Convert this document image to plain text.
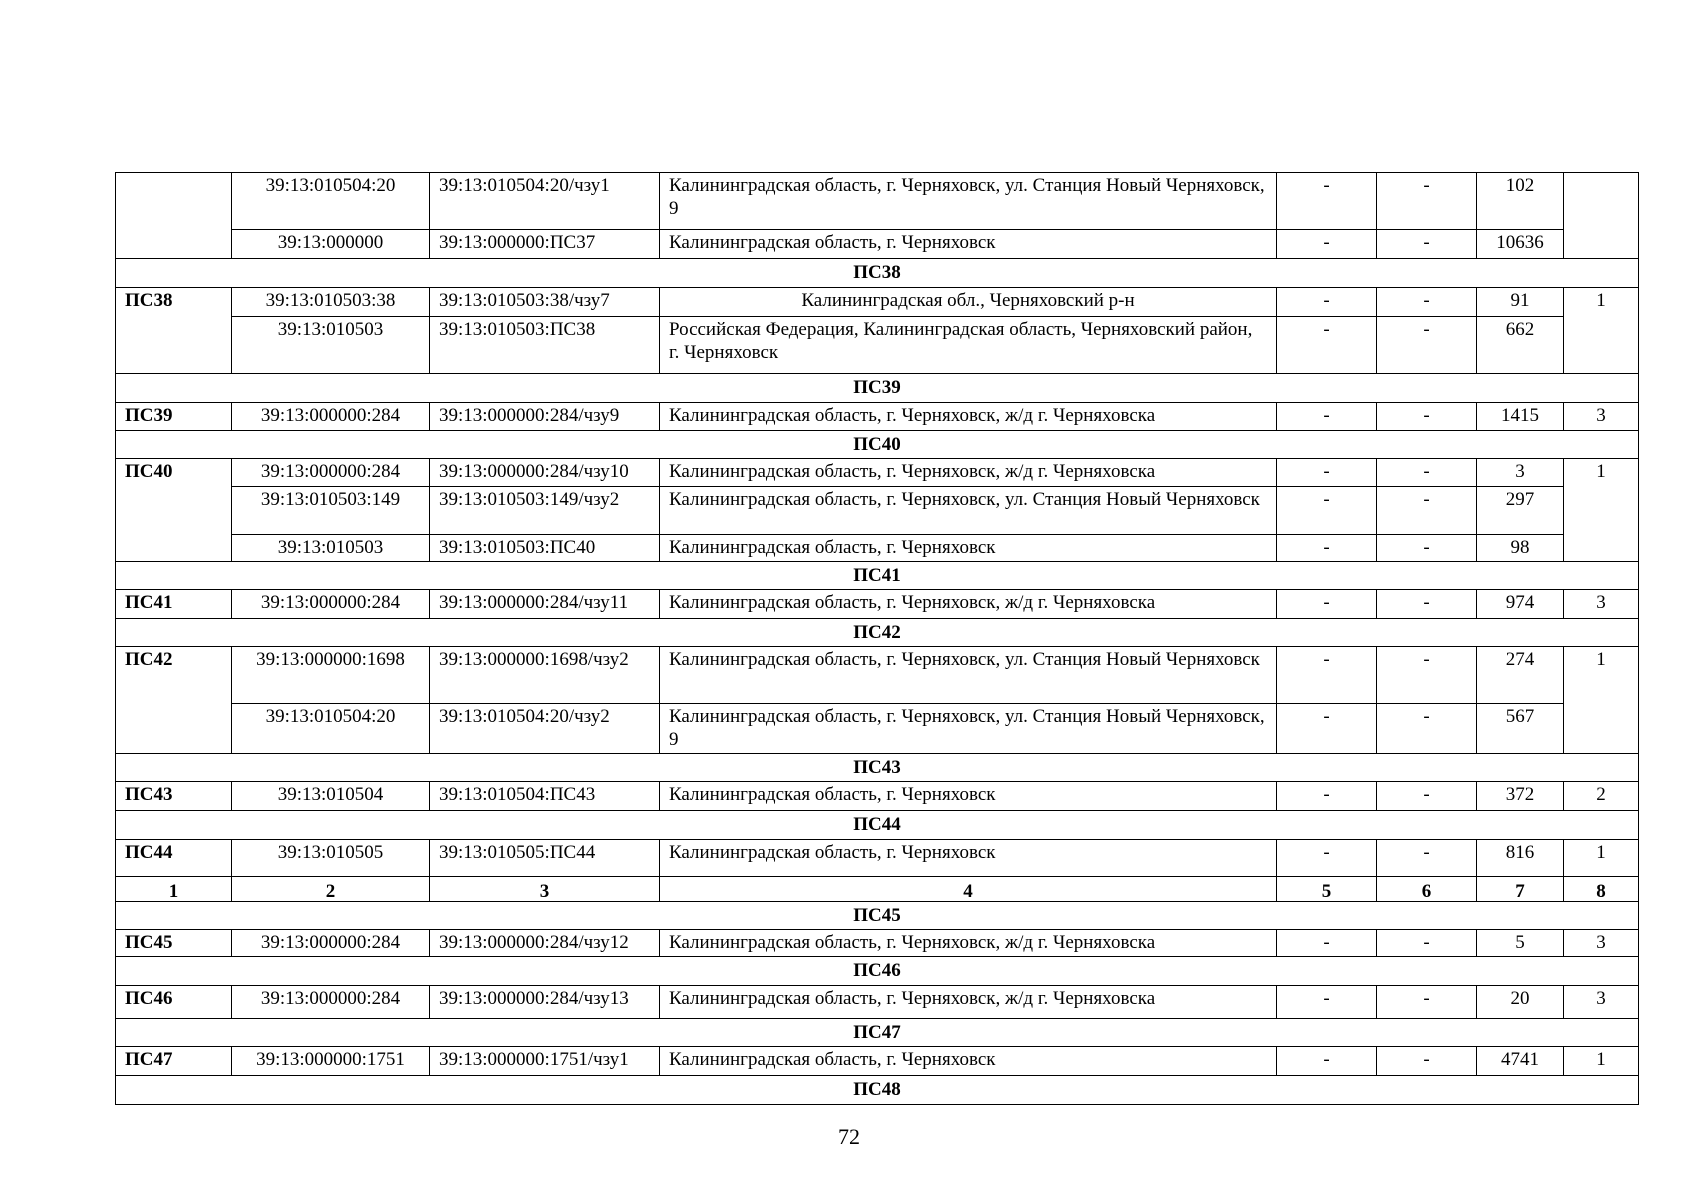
	39:13:010504:20	39:13:010504:20/чзу1	Калининградская область, г. Черняховск, ул. Станция Новый Черняховск, 9	-	-	102	
	39:13:000000	39:13:000000:ПС37	Калининградская область, г. Черняховск	-	-	10636	
ПС38							
ПС38	39:13:010503:38	39:13:010503:38/чзу7	Калининградская обл., Черняховский р-н	-	-	91	1
	39:13:010503	39:13:010503:ПС38	Российская Федерация, Калининградская область, Черняховский район, г. Черняховск	-	-	662	
ПС39							
ПС39	39:13:000000:284	39:13:000000:284/чзу9	Калининградская область, г. Черняховск, ж/д г. Черняховска	-	-	1415	3
ПС40							
ПС40	39:13:000000:284	39:13:000000:284/чзу10	Калининградская область, г. Черняховск, ж/д г. Черняховска	-	-	3	1
	39:13:010503:149	39:13:010503:149/чзу2	Калининградская область, г. Черняховск, ул. Станция Новый Черняховск	-	-	297	
	39:13:010503	39:13:010503:ПС40	Калининградская область, г. Черняховск	-	-	98	
ПС41							
ПС41	39:13:000000:284	39:13:000000:284/чзу11	Калининградская область, г. Черняховск, ж/д г. Черняховска	-	-	974	3
ПС42							
ПС42	39:13:000000:1698	39:13:000000:1698/чзу2	Калининградская область, г. Черняховск, ул. Станция Новый Черняховск	-	-	274	1
	39:13:010504:20	39:13:010504:20/чзу2	Калининградская область, г. Черняховск, ул. Станция Новый Черняховск, 9	-	-	567	
ПС43							
ПС43	39:13:010504	39:13:010504:ПС43	Калининградская область, г. Черняховск	-	-	372	2
ПС44							
ПС44	39:13:010505	39:13:010505:ПС44	Калининградская область, г. Черняховск	-	-	816	1
1	2	3	4	5	6	7	8
ПС45							
ПС45	39:13:000000:284	39:13:000000:284/чзу12	Калининградская область, г. Черняховск, ж/д г. Черняховска	-	-	5	3
ПС46							
ПС46	39:13:000000:284	39:13:000000:284/чзу13	Калининградская область, г. Черняховск, ж/д г. Черняховска	-	-	20	3
ПС47							
ПС47	39:13:000000:1751	39:13:000000:1751/чзу1	Калининградская область, г. Черняховск	-	-	4741	1
ПС48							
72
